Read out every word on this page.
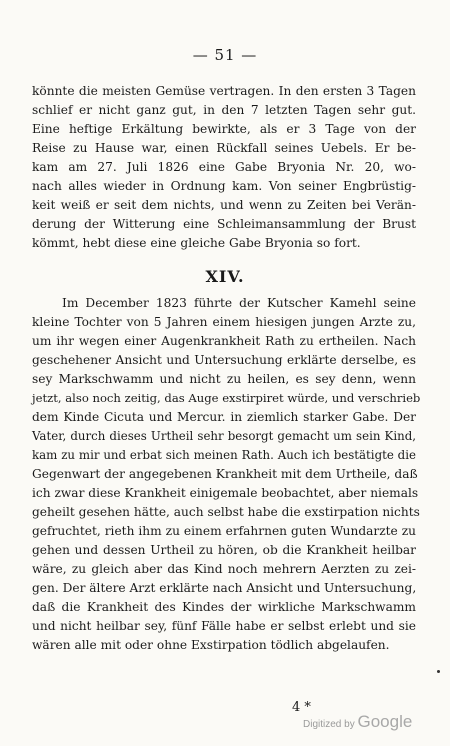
— 51 —
könnte die meisten Gemüse vertragen. In den ersten 3 Tagen
schlief er nicht ganz gut, in den 7 letzten Tagen sehr gut.
Eine heftige Erkältung bewirkte, als er 3 Tage von der
Reise zu Hause war, einen Rückfall seines Uebels. Er be-
kam am 27. Juli 1826 eine Gabe Bryonia Nr. 20, wo-
nach alles wieder in Ordnung kam. Von seiner Engbrüstig-
keit weiß er seit dem nichts, und wenn zu Zeiten bei Verän-
derung der Witterung eine Schleimansammlung der Brust
kömmt, hebt diese eine gleiche Gabe Bryonia so fort.
XIV.
Im December 1823 führte der Kutscher Kamehl seine
kleine Tochter von 5 Jahren einem hiesigen jungen Arzte zu,
um ihr wegen einer Augenkrankheit Rath zu ertheilen. Nach
geschehener Ansicht und Untersuchung erklärte derselbe, es
sey Markschwamm und nicht zu heilen, es sey denn, wenn
jetzt, also noch zeitig, das Auge exstirpiret würde, und verschrieb
dem Kinde Cicuta und Mercur. in ziemlich starker Gabe. Der
Vater, durch dieses Urtheil sehr besorgt gemacht um sein Kind,
kam zu mir und erbat sich meinen Rath. Auch ich bestätigte die
Gegenwart der angegebenen Krankheit mit dem Urtheile, daß
ich zwar diese Krankheit einigemale beobachtet, aber niemals
geheilt gesehen hätte, auch selbst habe die exstirpation nichts
gefruchtet, rieth ihm zu einem erfahrnen guten Wundarzte zu
gehen und dessen Urtheil zu hören, ob die Krankheit heilbar
wäre, zu gleich aber das Kind noch mehrern Aerzten zu zei-
gen. Der ältere Arzt erklärte nach Ansicht und Untersuchung,
daß die Krankheit des Kindes der wirkliche Markschwamm
und nicht heilbar sey, fünf Fälle habe er selbst erlebt und sie
wären alle mit oder ohne Exstirpation tödlich abgelaufen.
4 *
Digitized by Google
